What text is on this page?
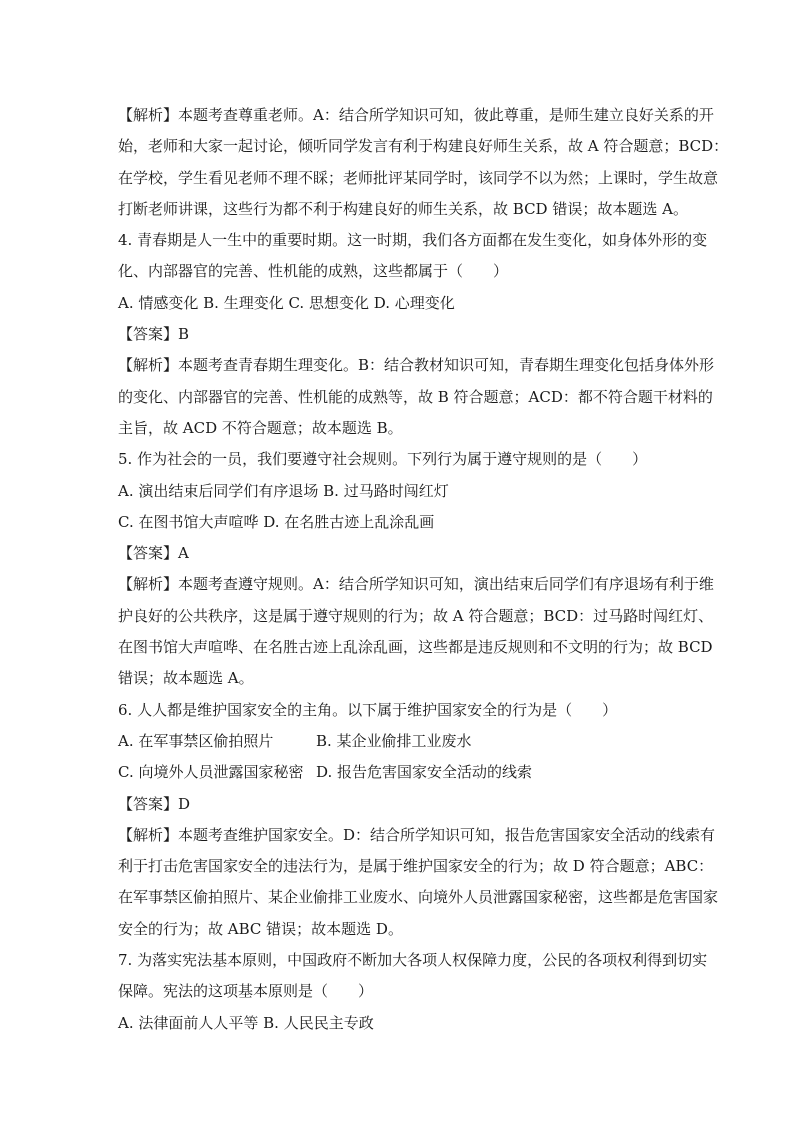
【解析】本题考查尊重老师。A：结合所学知识可知，彼此尊重，是师生建立良好关系的开

始，老师和大家一起讨论，倾听同学发言有利于构建良好师生关系，故 A 符合题意；BCD：

在学校，学生看见老师不理不睬；老师批评某同学时，该同学不以为然；上课时，学生故意

打断老师讲课，这些行为都不利于构建良好的师生关系，故 BCD 错误；故本题选 A。

4. 青春期是人一生中的重要时期。这一时期，我们各方面都在发生变化，如身体外形的变

化、内部器官的完善、性机能的成熟，这些都属于（　　）

A. 情感变化 B. 生理变化 C. 思想变化 D. 心理变化

【答案】B

【解析】本题考查青春期生理变化。B：结合教材知识可知，青春期生理变化包括身体外形

的变化、内部器官的完善、性机能的成熟等，故 B 符合题意；ACD：都不符合题干材料的

主旨，故 ACD 不符合题意；故本题选 B。

5. 作为社会的一员，我们要遵守社会规则。下列行为属于遵守规则的是（　　）

A. 演出结束后同学们有序退场 B. 过马路时闯红灯

C. 在图书馆大声喧哗 D. 在名胜古迹上乱涂乱画

【答案】A

【解析】本题考查遵守规则。A：结合所学知识可知，演出结束后同学们有序退场有利于维

护良好的公共秩序，这是属于遵守规则的行为；故 A 符合题意；BCD：过马路时闯红灯、

在图书馆大声喧哗、在名胜古迹上乱涂乱画，这些都是违反规则和不文明的行为；故 BCD

错误；故本题选 A。

6. 人人都是维护国家安全的主角。以下属于维护国家安全的行为是（　　）

A. 在军事禁区偷拍照片	B. 某企业偷排工业废水

C. 向境外人员泄露国家秘密 D. 报告危害国家安全活动的线索

【答案】D

【解析】本题考查维护国家安全。D：结合所学知识可知，报告危害国家安全活动的线索有

利于打击危害国家安全的违法行为，是属于维护国家安全的行为；故 D 符合题意；ABC：

在军事禁区偷拍照片、某企业偷排工业废水、向境外人员泄露国家秘密，这些都是危害国家

安全的行为；故 ABC 错误；故本题选 D。

7. 为落实宪法基本原则，中国政府不断加大各项人权保障力度，公民的各项权利得到切实

保障。宪法的这项基本原则是（　　）

A. 法律面前人人平等 B. 人民民主专政
